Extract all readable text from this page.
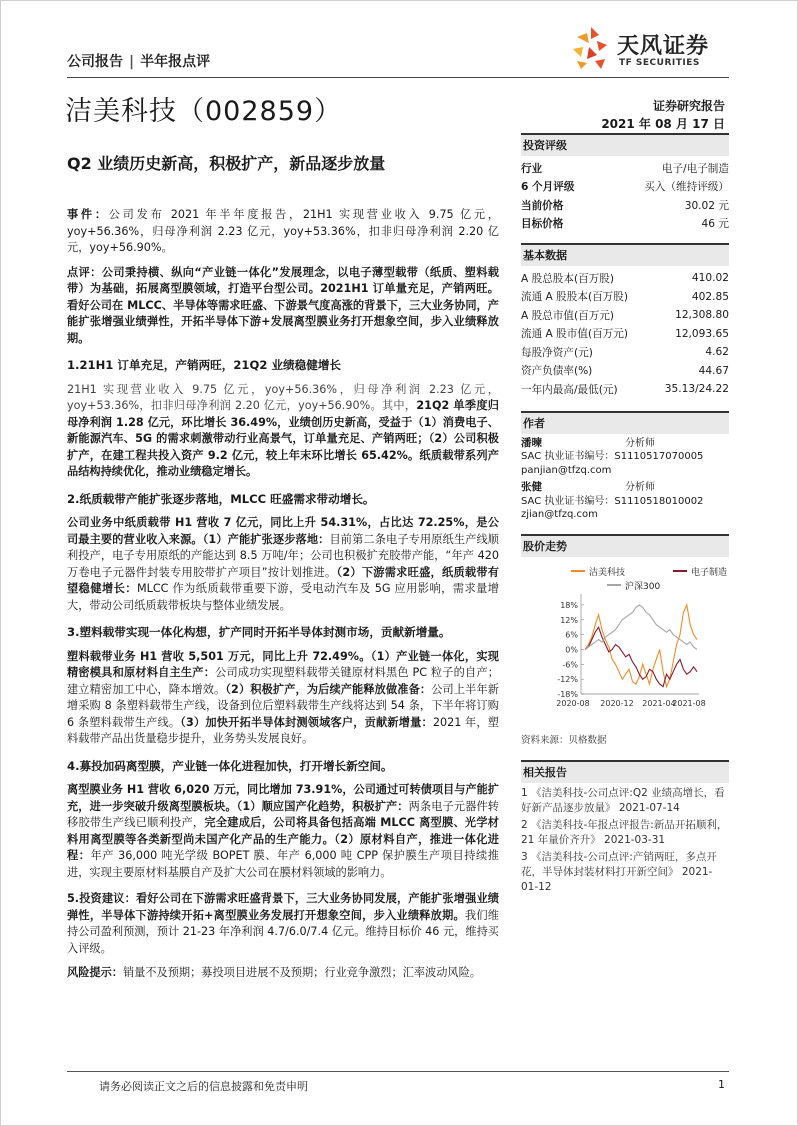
公司报告 | 半年报点评
天风证券
TF SECURITIES
洁美科技（002859）	证券研究报告
2021 年 08 月 17 日
Q2 业绩历史新高，积极扩产，新品逐步放量

事件：公司发布 2021 年半年度报告，21H1 实现营业收入 9.75 亿元，yoy+56.36%，归母净利润 2.23 亿元，yoy+53.36%，扣非归母净利润 2.20 亿元，yoy+56.90%。

点评：公司秉持横、纵向“产业链一体化”发展理念，以电子薄型载带（纸质、塑料载带）为基础，拓展离型膜领域，打造平台型公司。2021H1 订单量充足，产销两旺。看好公司在 MLCC、半导体等需求旺盛、下游景气度高涨的背景下，三大业务协同，产能扩张增强业绩弹性，开拓半导体下游+发展离型膜业务打开想象空间，步入业绩释放期。

1.21H1 订单充足，产销两旺，21Q2 业绩稳健增长

21H1 实现营业收入 9.75 亿元，yoy+56.36%，归母净利润 2.23 亿元，yoy+53.36%，扣非归母净利润 2.20 亿元，yoy+56.90%。其中，21Q2 单季度归母净利润 1.28 亿元，环比增长 36.49%，业绩创历史新高，受益于（1）消费电子、新能源汽车、5G 的需求刺激带动行业高景气，订单量充足、产销两旺；（2）公司积极扩产，在建工程共投入资产 9.2 亿元，较上年末环比增长 65.42%。纸质载带系列产品结构持续优化，推动业绩稳定增长。

2.纸质载带产能扩张逐步落地，MLCC 旺盛需求带动增长。

公司业务中纸质载带 H1 营收 7 亿元，同比上升 54.31%，占比达 72.25%，是公司最主要的营业收入来源。（1）产能扩张逐步落地：目前第二条电子专用原纸生产线顺利投产，电子专用原纸的产能达到 8.5 万吨/年；公司也积极扩充胶带产能，“年产 420 万卷电子元器件封装专用胶带扩产项目”按计划推进。（2）下游需求旺盛，纸质载带有望稳健增长：MLCC 作为纸质载带重要下游，受电动汽车及 5G 应用影响，需求量增大，带动公司纸质载带板块与整体业绩发展。

3.塑料载带实现一体化构想，扩产同时开拓半导体封测市场，贡献新增量。

塑料载带业务 H1 营收 5,501 万元，同比上升 72.49%。（1）产业链一体化，实现精密模具和原材料自主生产：公司成功实现塑料载带关键原材料黑色 PC 粒子的自产；建立精密加工中心，降本增效。（2）积极扩产，为后续产能释放做准备：公司上半年新增采购 8 条塑料载带生产线，设备到位后塑料载带生产线将达到 54 条，下半年将订购 6 条塑料载带生产线。（3）加快开拓半导体封测领域客户，贡献新增量：2021 年，塑料载带产品出货量稳步提升，业务势头发展良好。

4.募投加码离型膜，产业链一体化进程加快，打开增长新空间。

离型膜业务 H1 营收 6,020 万元，同比增加 73.91%，公司通过可转债项目与产能扩充，进一步突破升级离型膜板块。（1）顺应国产化趋势，积极扩产：两条电子元器件转移胶带生产线已顺利投产，完全建成后，公司将具备包括高端 MLCC 离型膜、光学材料用离型膜等各类新型尚未国产化产品的生产能力。（2）原材料自产，推进一体化进程：年产 36,000 吨光学级 BOPET 膜、年产 6,000 吨 CPP 保护膜生产项目持续推进，实现主要原材料基膜自产及扩大公司在膜材料领域的影响力。

5.投资建议：看好公司在下游需求旺盛背景下，三大业务协同发展，产能扩张增强业绩弹性，半导体下游持续开拓+离型膜业务发展打开想象空间，步入业绩释放期。我们维持公司盈利预测，预计 21-23 年净利润 4.7/6.0/7.4 亿元。维持目标价 46 元，维持买入评级。

风险提示：销量不及预期；募投项目进展不及预期；行业竞争激烈；汇率波动风险。

投资评级
行业	电子/电子制造
6 个月评级	买入（维持评级）
当前价格	30.02 元
目标价格	46 元
基本数据
A 股总股本(百万股)	410.02
流通 A 股股本(百万股)	402.85
A 股总市值(百万元)	12,308.80
流通 A 股市值(百万元)	12,093.65
每股净资产(元)	4.62
资产负债率(%)	44.67
一年内最高/最低(元)	35.13/24.22
作者
潘暕	分析师
SAC 执业证书编号：S1110517070005
panjian@tfzq.com
张健	分析师
SAC 执业证书编号：S1110518010002
zjian@tfzq.com
股价走势
洁美科技	电子制造
沪深300
18%
12%
6%
0%
-6%
-12%
-18%
2020-08 2020-12 2021-04
2021-08
资料来源：贝格数据
相关报告
1 《洁美科技-公司点评:Q2 业绩高增长，看好新产品逐步放量》 2021-07-14
2 《洁美科技-年报点评报告:新品开拓顺利，21 年量价齐升》 2021-03-31
3 《洁美科技-公司点评:产销两旺，多点开花，半导体封装材料打开新空间》 2021-01-12
请务必阅读正文之后的信息披露和免责申明	1
